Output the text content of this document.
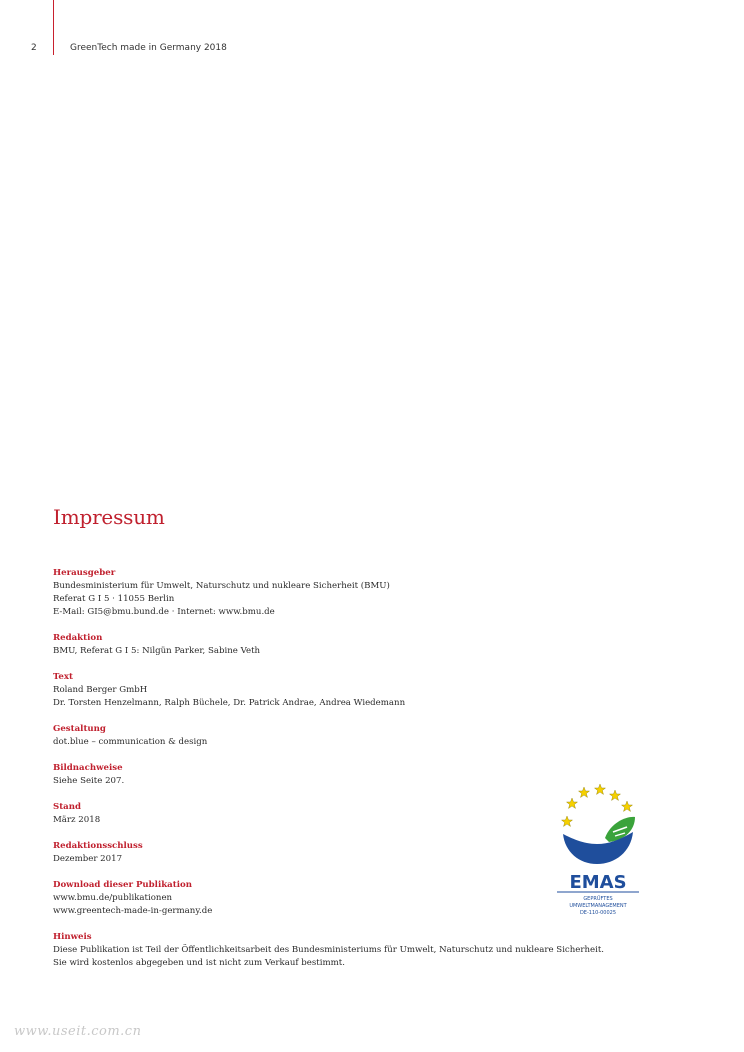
2	GreenTech made in Germany 2018
Impressum
Herausgeber
Bundesministerium für Umwelt, Naturschutz und nukleare Sicherheit (BMU)
Referat G I 5 · 11055 Berlin
E-Mail: GI5@bmu.bund.de · Internet: www.bmu.de
Redaktion
BMU, Referat G I 5: Nilgün Parker, Sabine Veth
Text
Roland Berger GmbH
Dr. Torsten Henzelmann, Ralph Büchele, Dr. Patrick Andrae, Andrea Wiedemann
Gestaltung
dot.blue – communication & design
Bildnachweise
Siehe Seite 207.
Stand
März 2018
Redaktionsschluss
Dezember 2017
Download dieser Publikation
www.bmu.de/publikationen
www.greentech-made-in-germany.de
Hinweis
Diese Publikation ist Teil der Öffentlichkeitsarbeit des Bundesministeriums für Umwelt, Naturschutz und nukleare Sicherheit.
Sie wird kostenlos abgegeben und ist nicht zum Verkauf bestimmt.
EMAS
GEPRÜFTES
UMWELTMANAGEMENT
DE-110-00025
www.useit.com.cn
